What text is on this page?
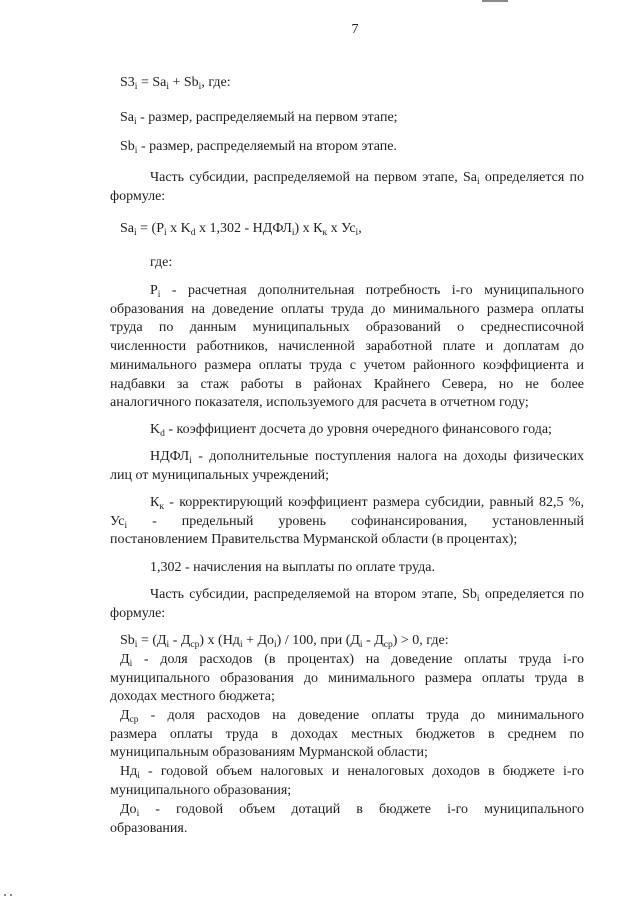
7
$S3_i = Sa_i + Sb_i$, где:
$Sa_i$ - размер, распределяемый на первом этапе;
$Sb_i$ - размер, распределяемый на втором этапе.
Часть субсидии, распределяемой на первом этапе, $Sa_i$ определяется по
формуле:
$Sa_i = (P_i$ x $K_d$ x $1,302 - НДФЛ_i$) x $К_к$ x $Ус_i$,
где:
$P_i$ - расчетная дополнительная потребность i-го муниципального
образования на доведение оплаты труда до минимального размера оплаты
труда по данным муниципальных образований о среднесписочной
численности работников, начисленной заработной плате и доплатам до
минимального размера оплаты труда с учетом районного коэффициента и
надбавки за стаж работы в районах Крайнего Севера, но не более
аналогичного показателя, используемого для расчета в отчетном году;
$K_d$ - коэффициент досчета до уровня очередного финансового года;
$НДФЛ_i$ - дополнительные поступления налога на доходы физических
лиц от муниципальных учреждений;
$К_к$ - корректирующий коэффициент размера субсидии, равный 82,5 %,
$Ус_i$ - предельный уровень софинансирования, установленный
постановлением Правительства Мурманской области (в процентах);
1,302 - начисления на выплаты по оплате труда.
Часть субсидии, распределяемой на втором этапе, $Sb_i$ определяется по
формуле:
$Sb_i = (Д_i - Д_{ср})$ x $(Нд_i + До_i) / 100$, при $(Д_i - Д_{ср}) > 0$, где:
$Д_i$ - доля расходов (в процентах) на доведение оплаты труда i-го
муниципального образования до минимального размера оплаты труда в
доходах местного бюджета;
$Д_{ср}$ - доля расходов на доведение оплаты труда до минимального
размера оплаты труда в доходах местных бюджетов в среднем по
муниципальным образованиям Мурманской области;
$Нд_i$ - годовой объем налоговых и неналоговых доходов в бюджете i-го
муниципального образования;
$До_i$ - годовой объем дотаций в бюджете i-го муниципального
образования.
